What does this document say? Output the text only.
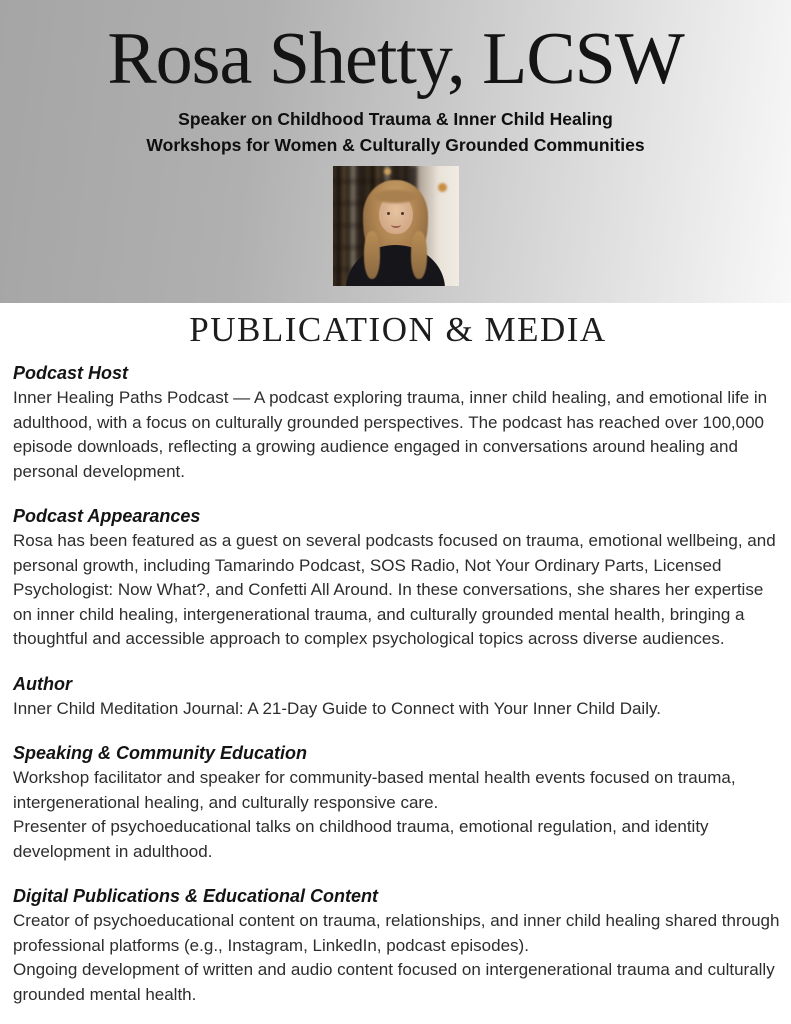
Rosa Shetty, LCSW
Speaker on Childhood Trauma & Inner Child Healing
Workshops for Women & Culturally Grounded Communities
PUBLICATION & MEDIA
Podcast Host

Inner Healing Paths Podcast — A podcast exploring trauma, inner child healing, and emotional life in adulthood, with a focus on culturally grounded perspectives. The podcast has reached over 100,000 episode downloads, reflecting a growing audience engaged in conversations around healing and personal development.

Podcast Appearances

Rosa has been featured as a guest on several podcasts focused on trauma, emotional wellbeing, and personal growth, including Tamarindo Podcast, SOS Radio, Not Your Ordinary Parts, Licensed Psychologist: Now What?, and Confetti All Around. In these conversations, she shares her expertise on inner child healing, intergenerational trauma, and culturally grounded mental health, bringing a thoughtful and accessible approach to complex psychological topics across diverse audiences.

Author

Inner Child Meditation Journal: A 21-Day Guide to Connect with Your Inner Child Daily.

Speaking & Community Education

Workshop facilitator and speaker for community-based mental health events focused on trauma, intergenerational healing, and culturally responsive care.

Presenter of psychoeducational talks on childhood trauma, emotional regulation, and identity development in adulthood.

Digital Publications & Educational Content

Creator of psychoeducational content on trauma, relationships, and inner child healing shared through professional platforms (e.g., Instagram, LinkedIn, podcast episodes).

Ongoing development of written and audio content focused on intergenerational trauma and culturally grounded mental health.
